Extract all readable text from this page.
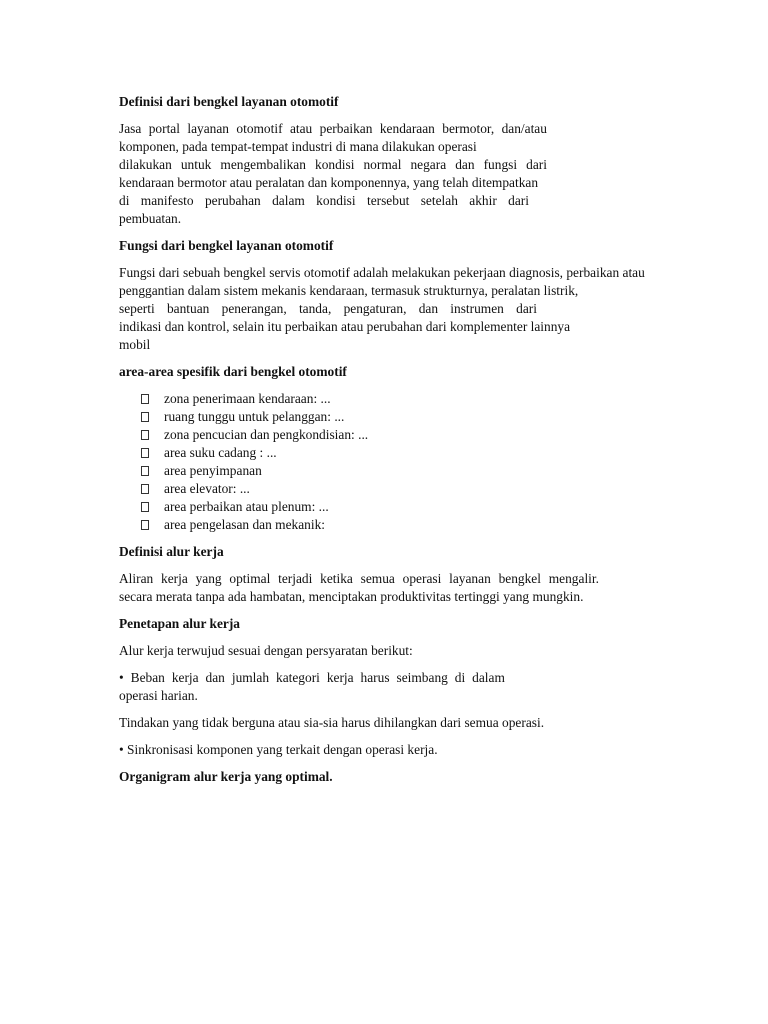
Definisi dari bengkel layanan otomotif
Jasa portal layanan otomotif atau perbaikan kendaraan bermotor, dan/atau
komponen, pada tempat-tempat industri di mana dilakukan operasi
dilakukan untuk mengembalikan kondisi normal negara dan fungsi dari
kendaraan bermotor atau peralatan dan komponennya, yang telah ditempatkan
di manifesto perubahan dalam kondisi tersebut setelah akhir dari
pembuatan.
Fungsi dari bengkel layanan otomotif
Fungsi dari sebuah bengkel servis otomotif adalah melakukan pekerjaan diagnosis, perbaikan atau
penggantian dalam sistem mekanis kendaraan, termasuk strukturnya, peralatan listrik,
seperti bantuan penerangan, tanda, pengaturan, dan instrumen dari
indikasi dan kontrol, selain itu perbaikan atau perubahan dari komplementer lainnya
mobil
area-area spesifik dari bengkel otomotif
zona penerimaan kendaraan: ...
ruang tunggu untuk pelanggan: ...
zona pencucian dan pengkondisian: ...
area suku cadang : ...
area penyimpanan
area elevator: ...
area perbaikan atau plenum: ...
area pengelasan dan mekanik:
Definisi alur kerja
Aliran kerja yang optimal terjadi ketika semua operasi layanan bengkel mengalir.
secara merata tanpa ada hambatan, menciptakan produktivitas tertinggi yang mungkin.
Penetapan alur kerja
Alur kerja terwujud sesuai dengan persyaratan berikut:
• Beban kerja dan jumlah kategori kerja harus seimbang di dalam
operasi harian.
Tindakan yang tidak berguna atau sia-sia harus dihilangkan dari semua operasi.
• Sinkronisasi komponen yang terkait dengan operasi kerja.
Organigram alur kerja yang optimal.
